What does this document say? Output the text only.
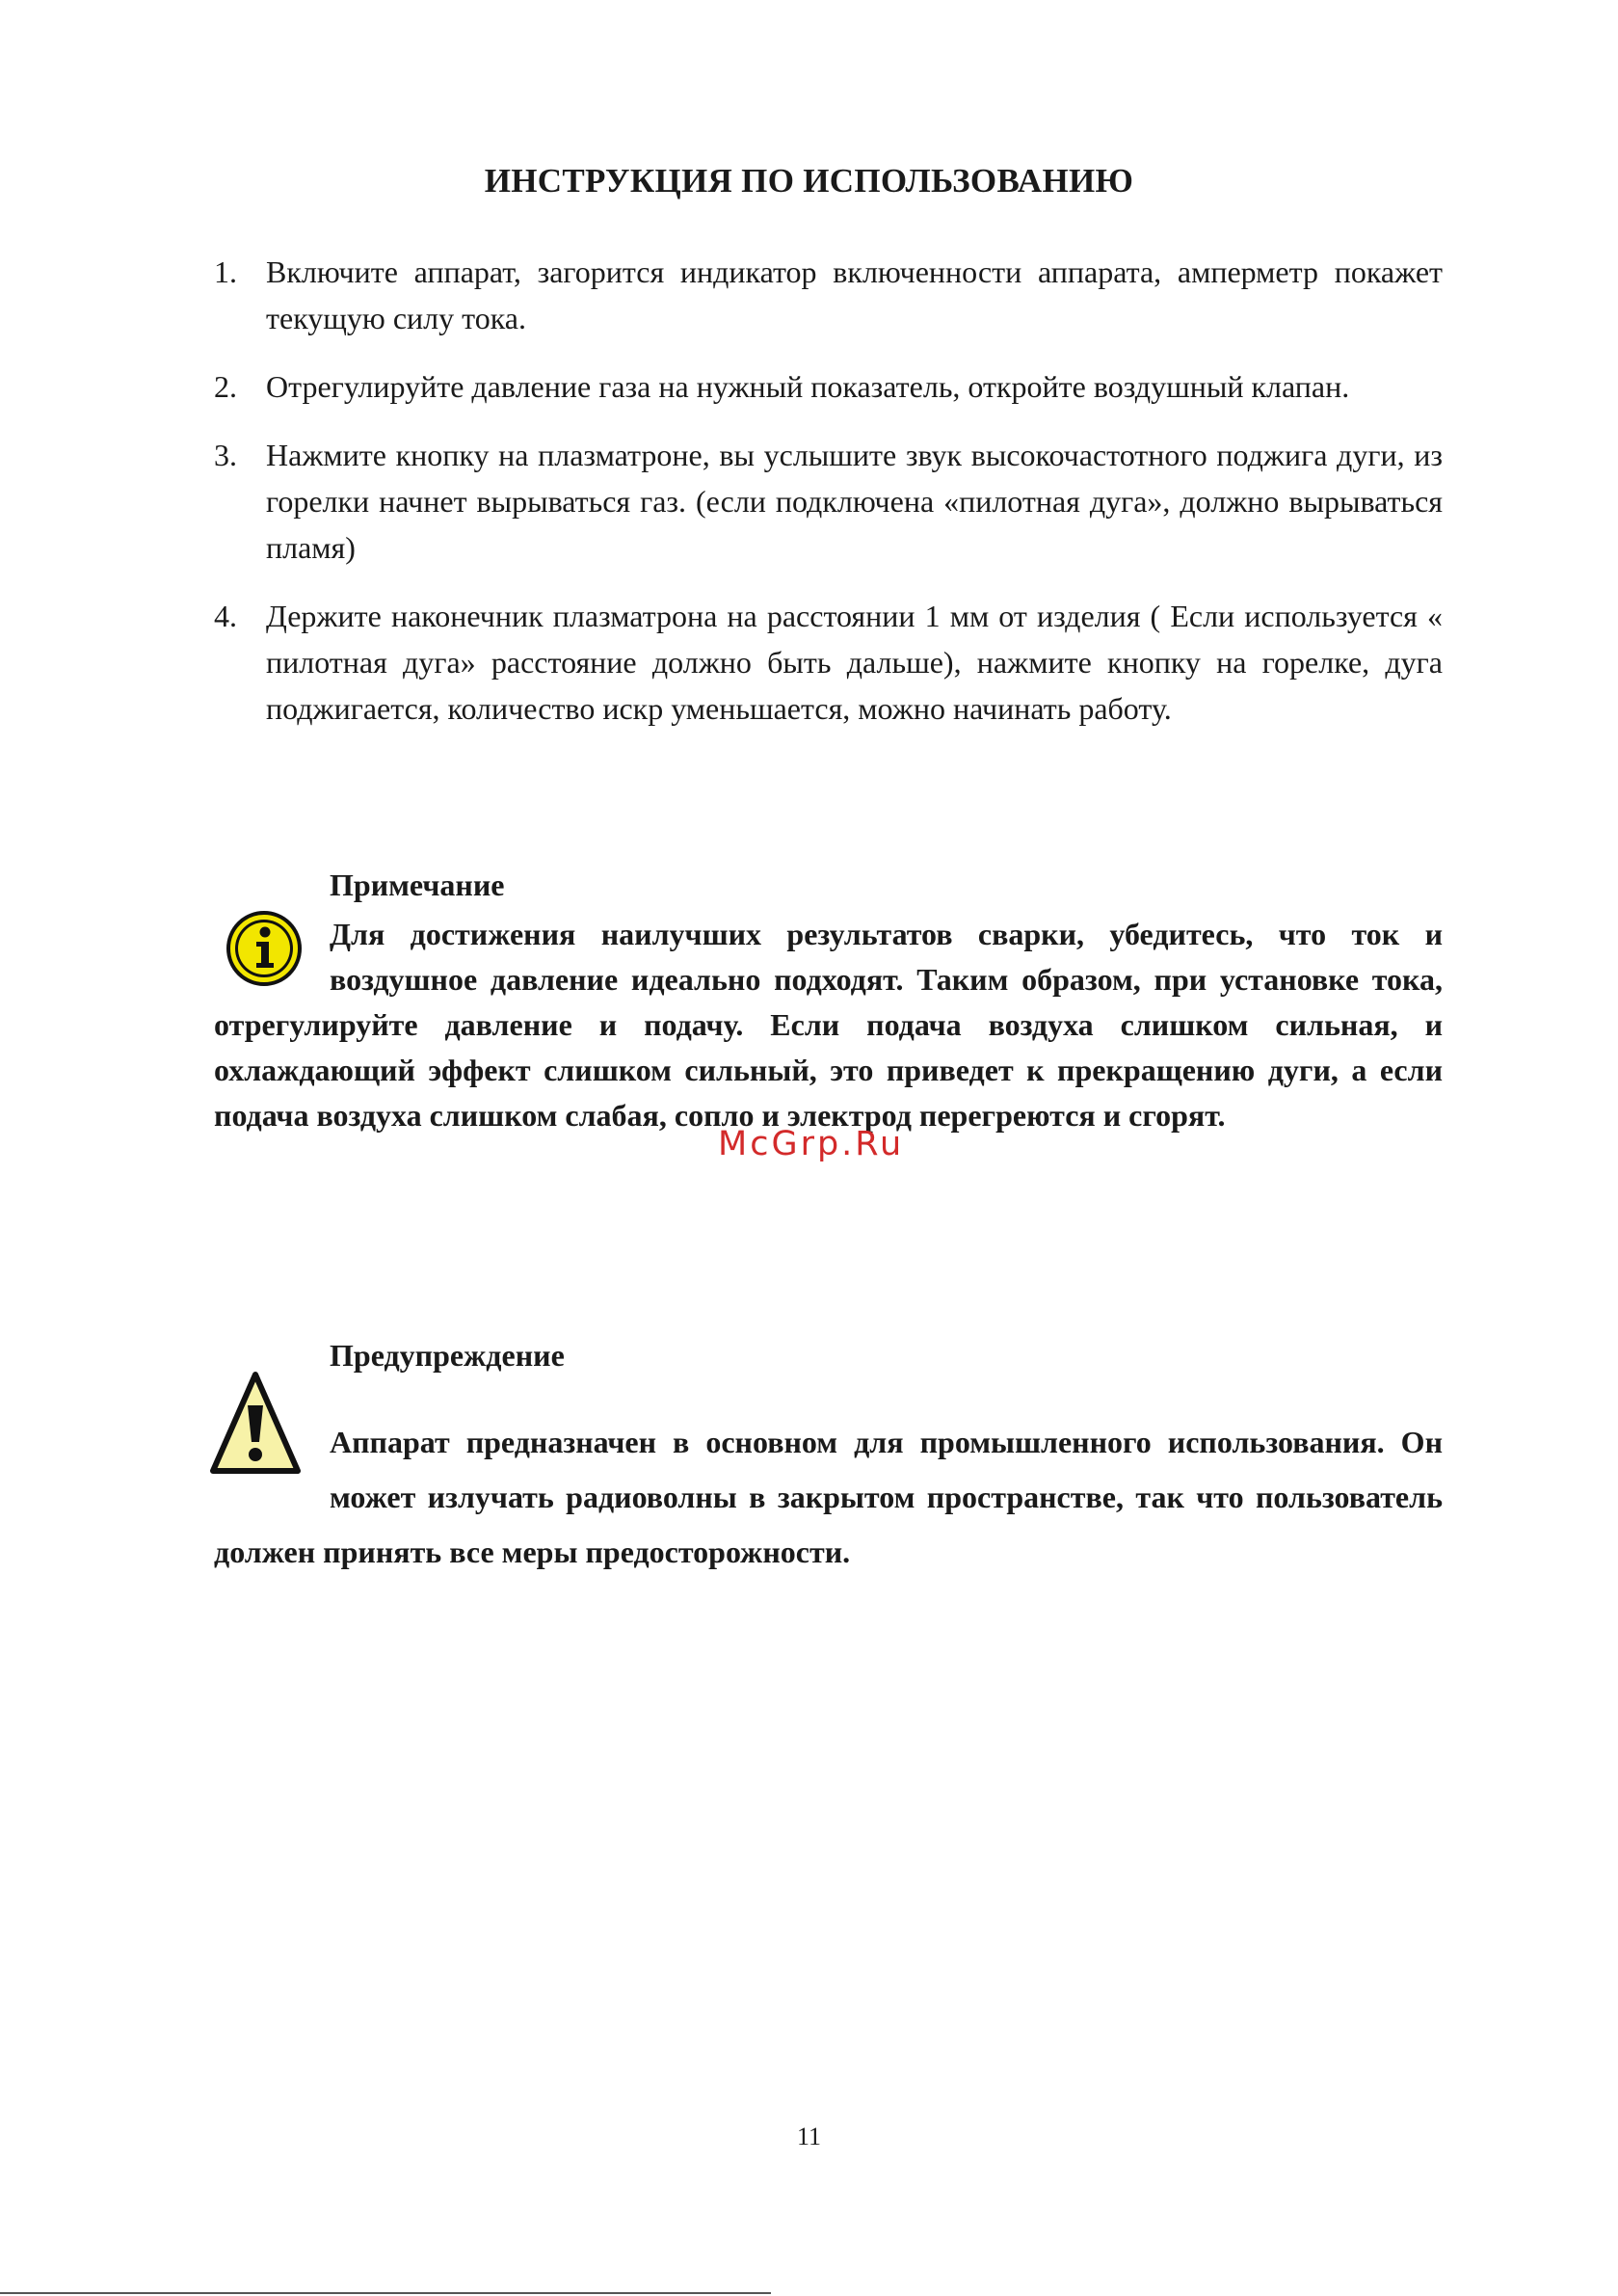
ИНСТРУКЦИЯ ПО ИСПОЛЬЗОВАНИЮ
1. Включите аппарат, загорится индикатор включенности аппарата, амперметр покажет текущую силу тока.
2. Отрегулируйте давление газа на нужный показатель, откройте воздушный клапан.
3. Нажмите кнопку на плазматроне, вы услышите звук высокочастотного поджига дуги, из горелки начнет вырываться газ. (если подключена «пилотная дуга», должно вырываться пламя)
4. Держите наконечник плазматрона на расстоянии 1 мм от изделия ( Если используется « пилотная дуга» расстояние должно быть дальше), нажмите кнопку на горелке, дуга поджигается, количество искр уменьшается, можно начинать работу.
Примечание
Для достижения наилучших результатов сварки, убедитесь, что ток и воздушное давление идеально подходят. Таким образом, при установке тока, отрегулируйте давление и подачу. Если подача воздуха слишком сильная, и охлаждающий эффект слишком сильный, это приведет к прекращению дуги, а если подача воздуха слишком слабая, сопло и электрод перегреются и сгорят.
McGrp.Ru
Предупреждение
Аппарат предназначен в основном для промышленного использования. Он может излучать радиоволны в закрытом пространстве, так что пользователь должен принять все меры предосторожности.
11
